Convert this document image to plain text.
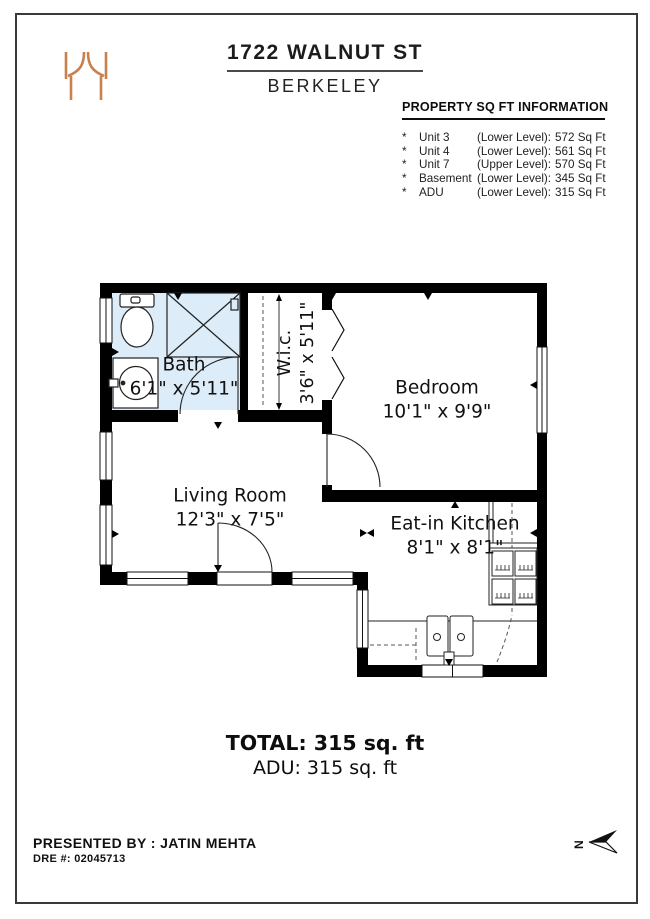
1722 WALNUT ST
BERKELEY
PROPERTY SQ FT INFORMATION
*	Unit 3	(Lower Level): 572 Sq Ft
*	Unit 4	(Lower Level): 561 Sq Ft
*	Unit 7	(Upper Level): 570 Sq Ft
*	Basement (Lower Level): 345 Sq Ft
*	ADU	(Lower Level): 315 Sq Ft
Bath
6'1" x 5'11"
W.i.c. 3'6" x 5'11"	Bedroom
10'1" x 9'9"
Living Room
12'3" x 7'5"	Eat-in Kitchen
8'1" x 8'1"
TOTAL: 315 sq. ft
ADU: 315 sq. ft
PRESENTED BY : JATIN MEHTA
DRE #: 02045713
N
